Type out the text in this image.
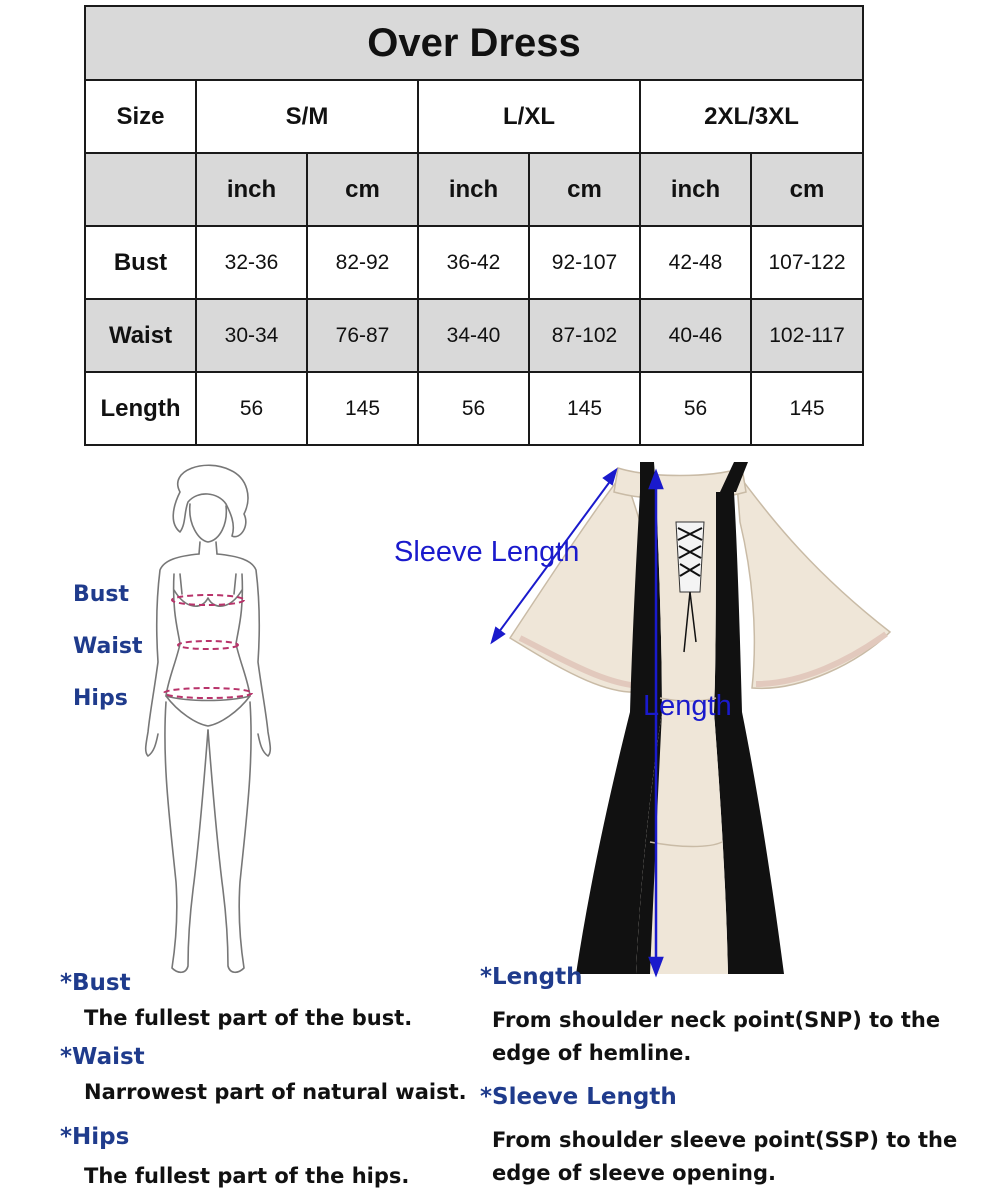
Over Dress						
Size	S/M		L/XL		2XL/3XL	
	inch	cm	inch	cm	inch	cm
Bust	32-36	82-92	36-42	92-107	42-48	107-122
Waist	30-34	76-87	34-40	87-102	40-46	102-117
Length	56	145	56	145	56	145
Bust
Waist
Hips
Sleeve Length
Length
*Bust
The fullest part of the bust.
*Waist
Narrowest part of natural waist.
*Hips
The fullest part of the hips.
*Length
From shoulder neck point(SNP) to the
edge of hemline.
*Sleeve Length
From shoulder sleeve point(SSP) to the
edge of sleeve opening.
